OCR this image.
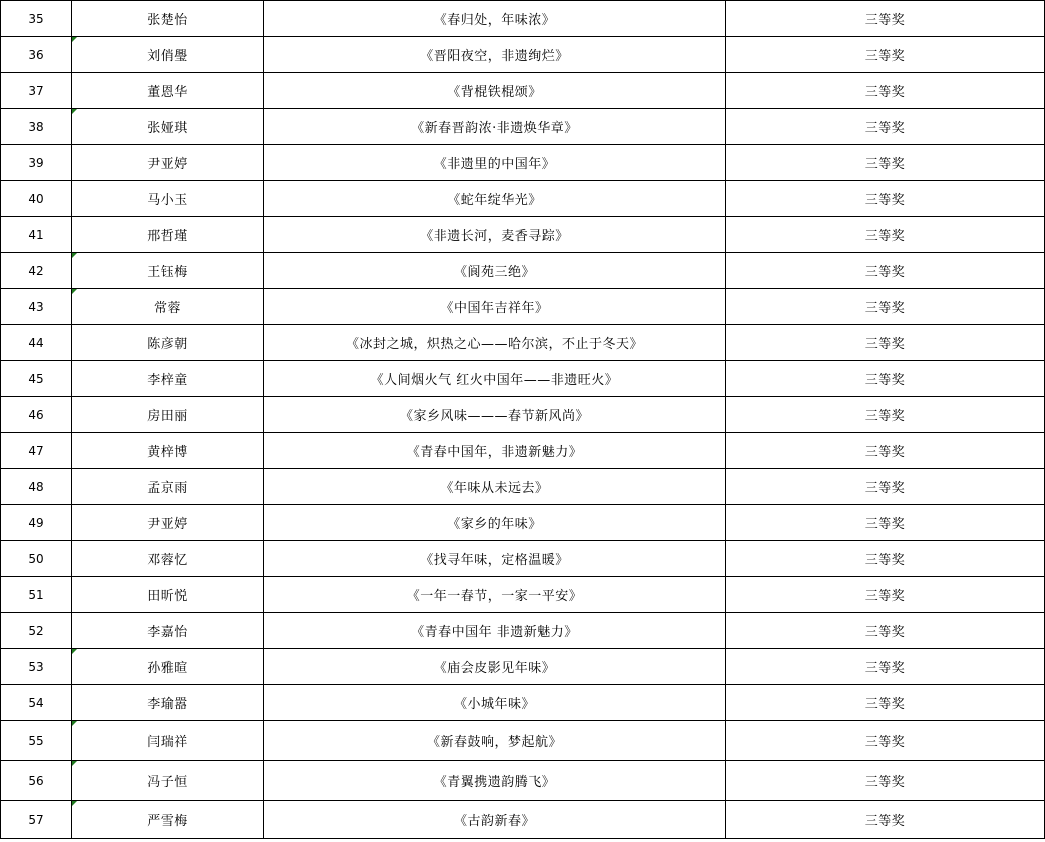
35	张楚怡	《春归处，年味浓》	三等奖
36	刘俏璺	《晋阳夜空，非遗绚烂》	三等奖
37	董恩华	《背棍铁棍颂》	三等奖
38	张娅琪	《新春晋韵浓·非遗焕华章》	三等奖
39	尹亚婷	《非遗里的中国年》	三等奖
40	马小玉	《蛇年绽华光》	三等奖
41	邢哲瑾	《非遗长河，麦香寻踪》	三等奖
42	王钰梅	《阆苑三绝》	三等奖
43	常蓉	《中国年吉祥年》	三等奖
44	陈彦朝	《冰封之城，炽热之心——哈尔滨，不止于冬天》	三等奖
45	李梓童	《人间烟火气 红火中国年——非遗旺火》	三等奖
46	房田丽	《家乡风味———春节新风尚》	三等奖
47	黄梓博	《青春中国年，非遗新魅力》	三等奖
48	孟京雨	《年味从未远去》	三等奖
49	尹亚婷	《家乡的年味》	三等奖
50	邓蓉忆	《找寻年味，定格温暖》	三等奖
51	田昕悦	《一年一春节，一家一平安》	三等奖
52	李嘉怡	《青春中国年 非遗新魅力》	三等奖
53	孙雅暄	《庙会皮影见年味》	三等奖
54	李瑜嚣	《小城年味》	三等奖
55	闫瑞祥	《新春鼓响，梦起航》	三等奖
56	冯子恒	《青翼携遗韵腾飞》	三等奖
57	严雪梅	《古韵新春》	三等奖
